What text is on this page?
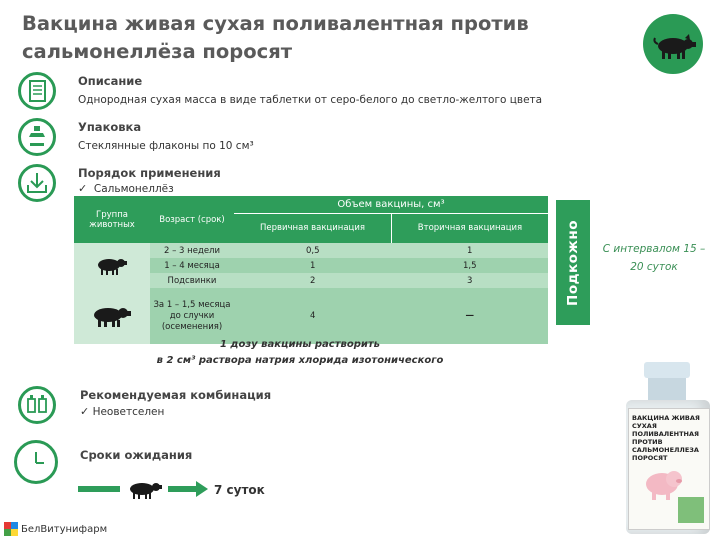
Вакцина живая сухая поливалентная против сальмонеллёза поросят
Описание
Однородная сухая масса в виде таблетки от серо-белого до светло-желтого цвета
Упаковка
Стеклянные флаконы по 10 см³
Порядок применения
✓ Сальмонеллёз
Группа животных	Возраст (срок)	Объем вакцины, см³	
		Первичная вакцинация	Вторичная вакцинация
	2 – 3 недели	0,5	1
	1 – 4 месяца	1	1,5
	Подсвинки	2	3
	За 1 – 1,5 месяца до случки (осеменения)	4	—
Подкожно С интервалом 15 – 20 суток
1 дозу вакцины растворить
в 2 см³ раствора натрия хлорида изотонического
Рекомендуемая комбинация
✓ Неоветселен
Сроки ожидания
7 суток
ВАКЦИНА ЖИВАЯ СУХАЯ ПОЛИВАЛЕНТНАЯ ПРОТИВ САЛЬМОНЕЛЛЕЗА ПОРОСЯТ
БелВитунифарм
